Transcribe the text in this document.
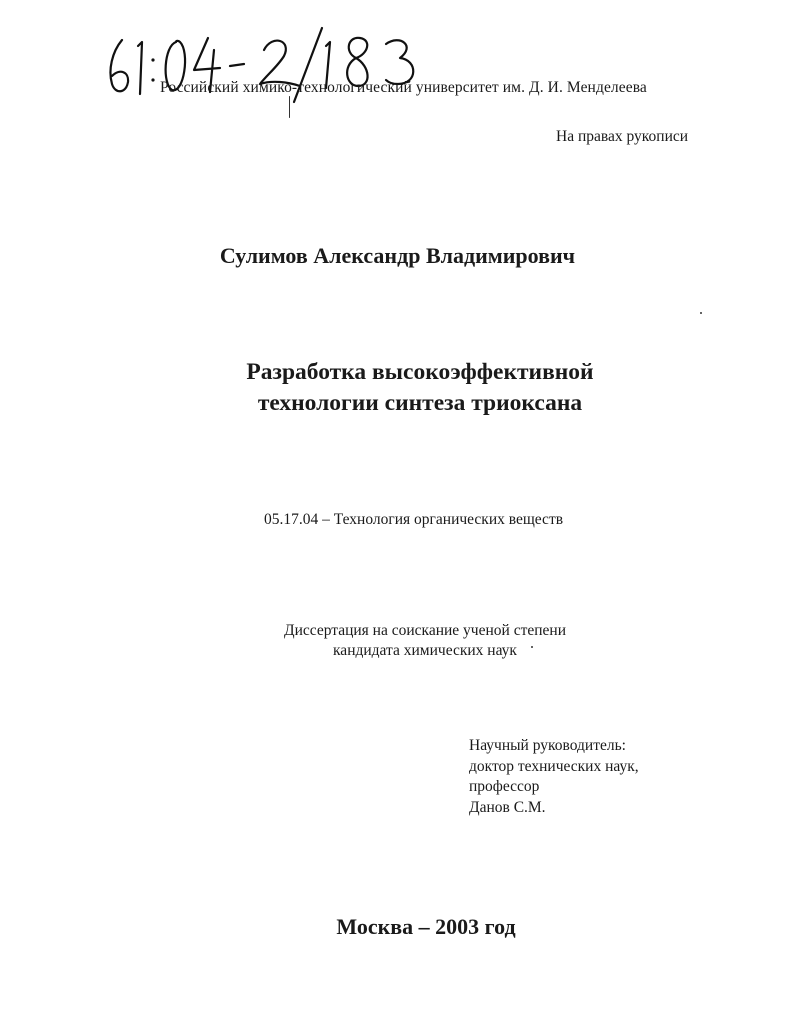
Российский химико-технологический университет им. Д. И. Менделеева
На правах рукописи
Сулимов Александр Владимирович
Разработка высокоэффективной
технологии синтеза триоксана
05.17.04 – Технология органических веществ
Диссертация на соискание ученой степени
кандидата химических наук
Научный руководитель:
доктор технических наук,
профессор
Данов С.М.
Москва – 2003 год
